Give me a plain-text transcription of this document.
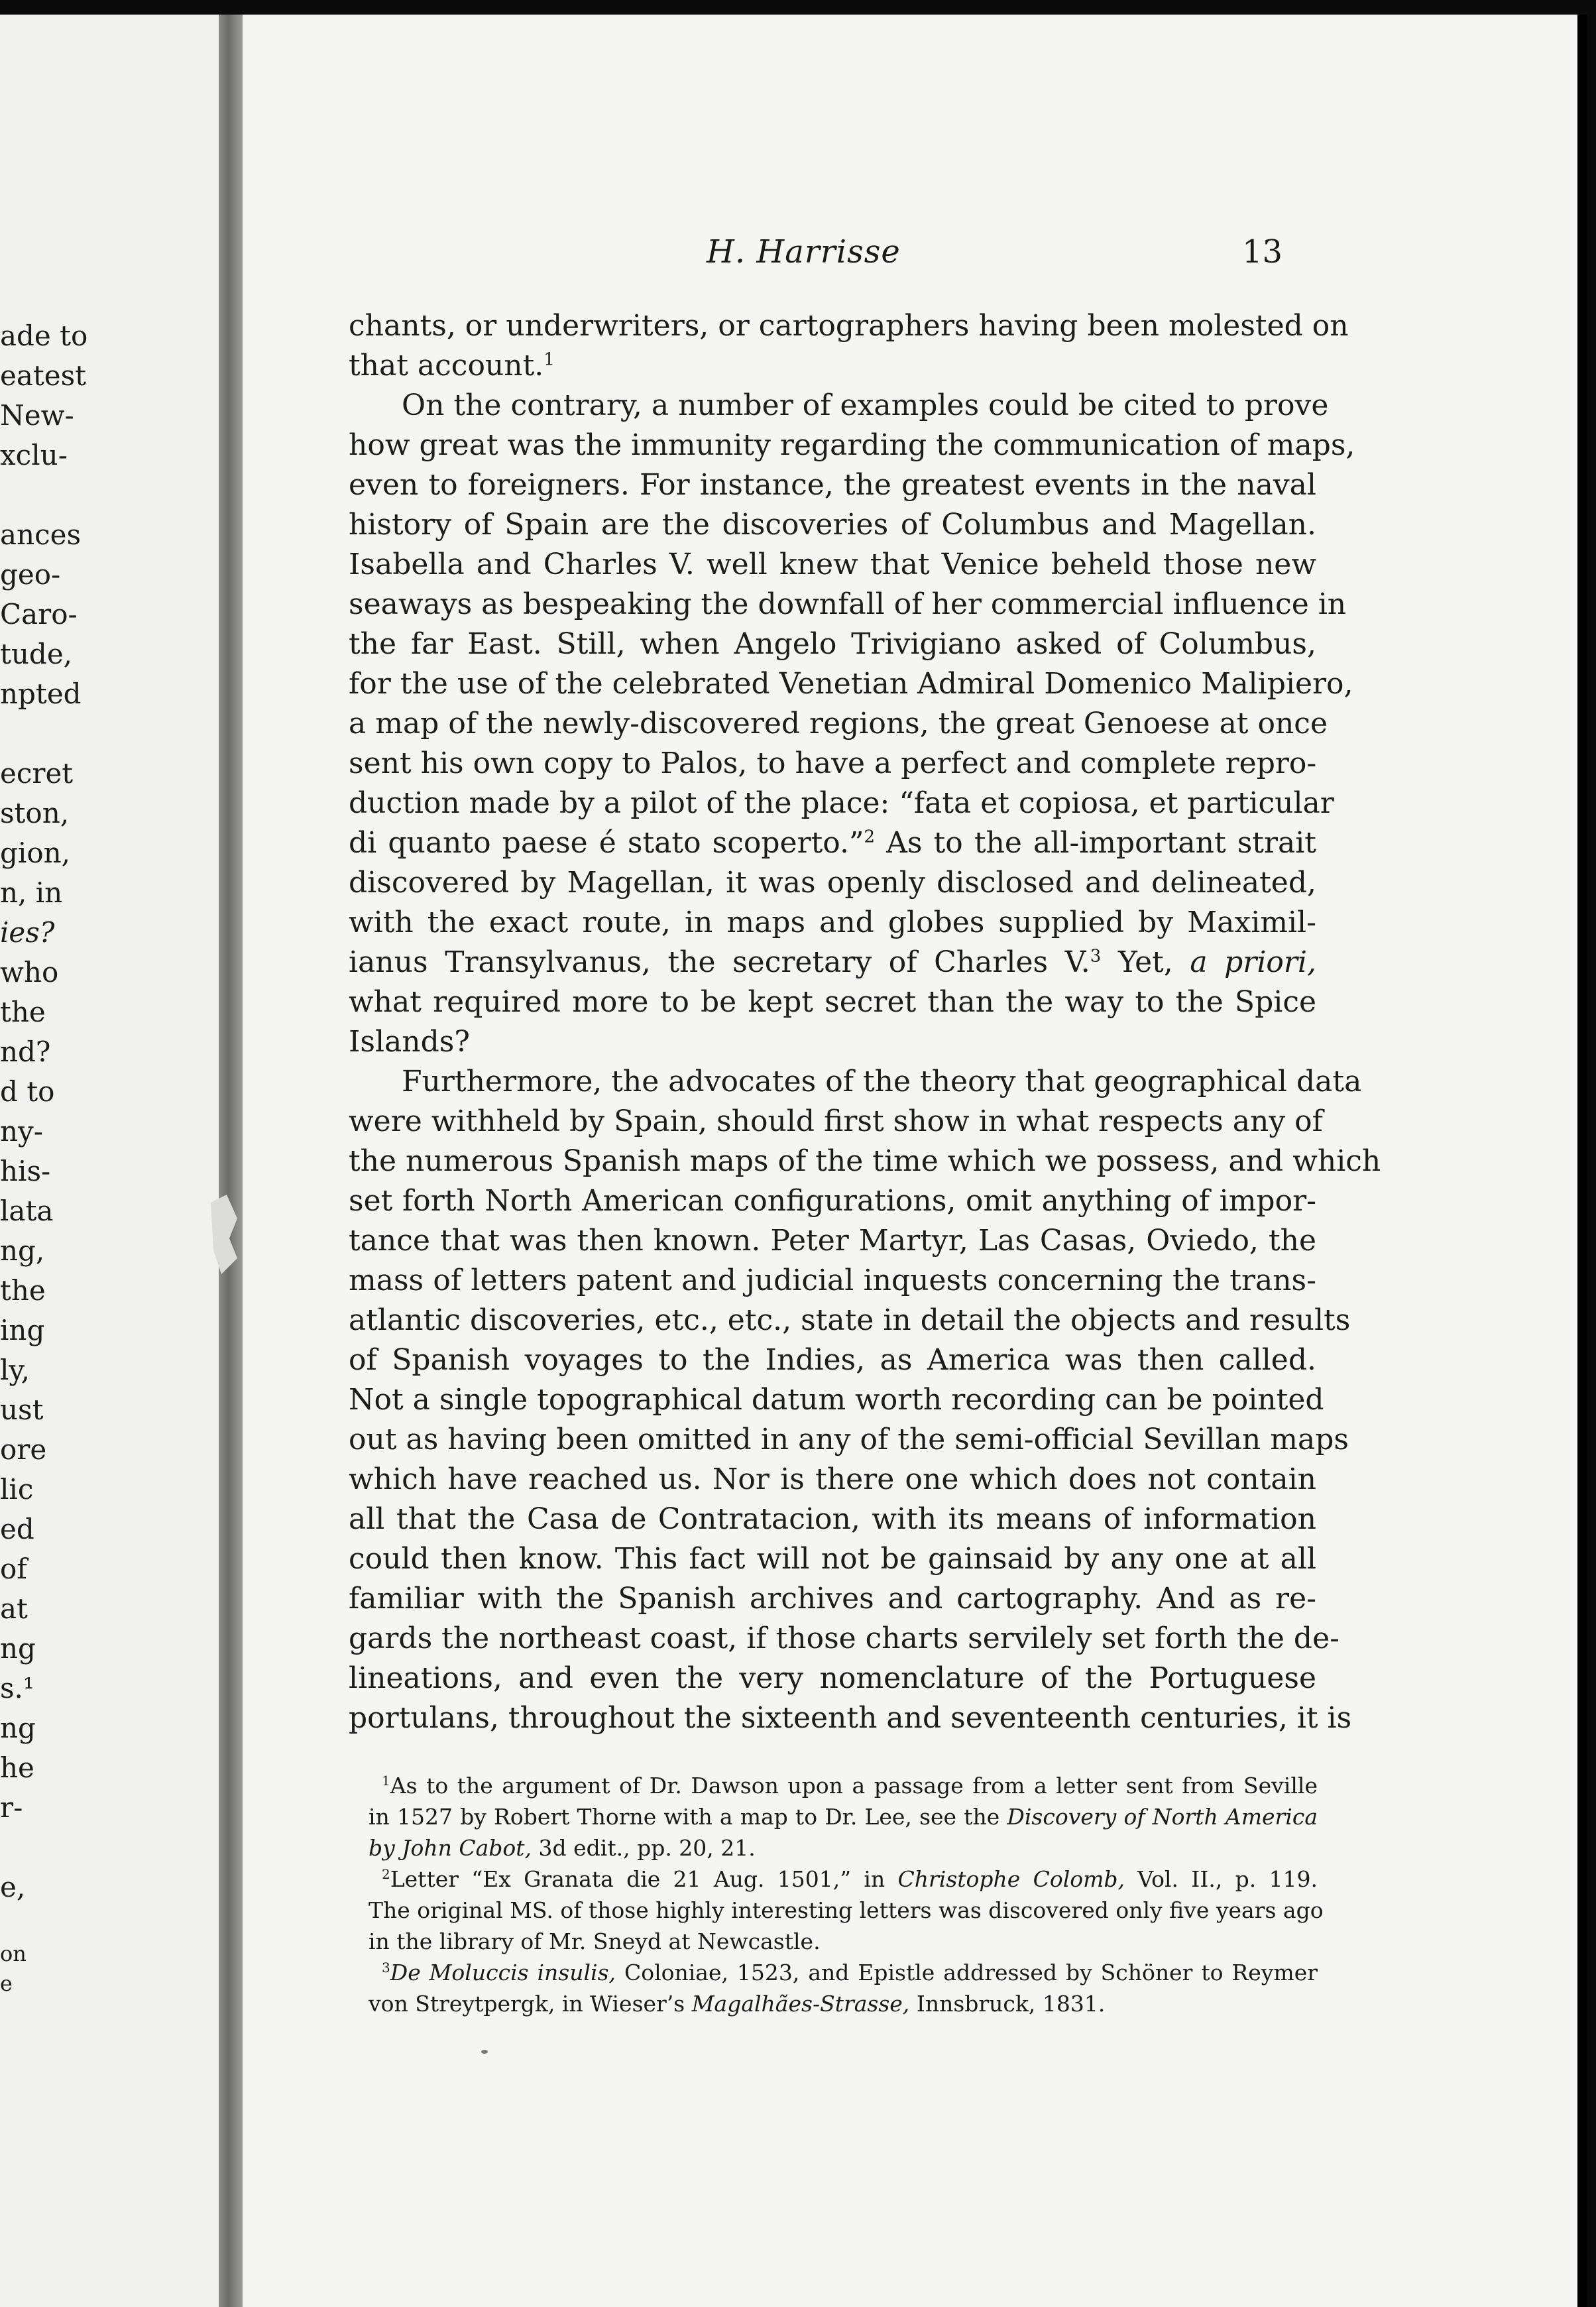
ade to
eatest
New-
xclu-
ances
geo-
Caro-
tude,
npted
ecret
ston,
gion,
n, in
ies?
who
the
nd?
d to
ny-
his-
lata
ng,
the
ing
ly,
ust
ore
lic
ed
of
at
ng
s.¹
ng
he
r-
e,
on
e
H. Harrisse	13
chants, or underwriters, or cartographers having been molested on
that account.$^1$
On the contrary, a number of examples could be cited to prove
how great was the immunity regarding the communication of maps,
even to foreigners. For instance, the greatest events in the naval
history of Spain are the discoveries of Columbus and Magellan.
Isabella and Charles V. well knew that Venice beheld those new
seaways as bespeaking the downfall of her commercial influence in
the far East. Still, when Angelo Trivigiano asked of Columbus,
for the use of the celebrated Venetian Admiral Domenico Malipiero,
a map of the newly-discovered regions, the great Genoese at once
sent his own copy to Palos, to have a perfect and complete repro-
duction made by a pilot of the place: “fata et copiosa, et particular
di quanto paese é stato scoperto.”$^2$ As to the all-important strait
discovered by Magellan, it was openly disclosed and delineated,
with the exact route, in maps and globes supplied by Maximil-
ianus Transylvanus, the secretary of Charles V.$^3$ Yet, a priori,
what required more to be kept secret than the way to the Spice
Islands?
Furthermore, the advocates of the theory that geographical data
were withheld by Spain, should first show in what respects any of
the numerous Spanish maps of the time which we possess, and which
set forth North American configurations, omit anything of impor-
tance that was then known. Peter Martyr, Las Casas, Oviedo, the
mass of letters patent and judicial inquests concerning the trans-
atlantic discoveries, etc., etc., state in detail the objects and results
of Spanish voyages to the Indies, as America was then called.
Not a single topographical datum worth recording can be pointed
out as having been omitted in any of the semi-official Sevillan maps
which have reached us. Nor is there one which does not contain
all that the Casa de Contratacion, with its means of information
could then know. This fact will not be gainsaid by any one at all
familiar with the Spanish archives and cartography. And as re-
gards the northeast coast, if those charts servilely set forth the de-
lineations, and even the very nomenclature of the Portuguese
portulans, throughout the sixteenth and seventeenth centuries, it is
$^1$As to the argument of Dr. Dawson upon a passage from a letter sent from Seville
in 1527 by Robert Thorne with a map to Dr. Lee, see the Discovery of North America
by John Cabot, 3d edit., pp. 20, 21.
$^2$Letter “Ex Granata die 21 Aug. 1501,” in Christophe Colomb, Vol. II., p. 119.
The original MS. of those highly interesting letters was discovered only five years ago
in the library of Mr. Sneyd at Newcastle.
$^3$De Moluccis insulis, Coloniae, 1523, and Epistle addressed by Schöner to Reymer
von Streytpergk, in Wieser’s Magalhães-Strasse, Innsbruck, 1831.
